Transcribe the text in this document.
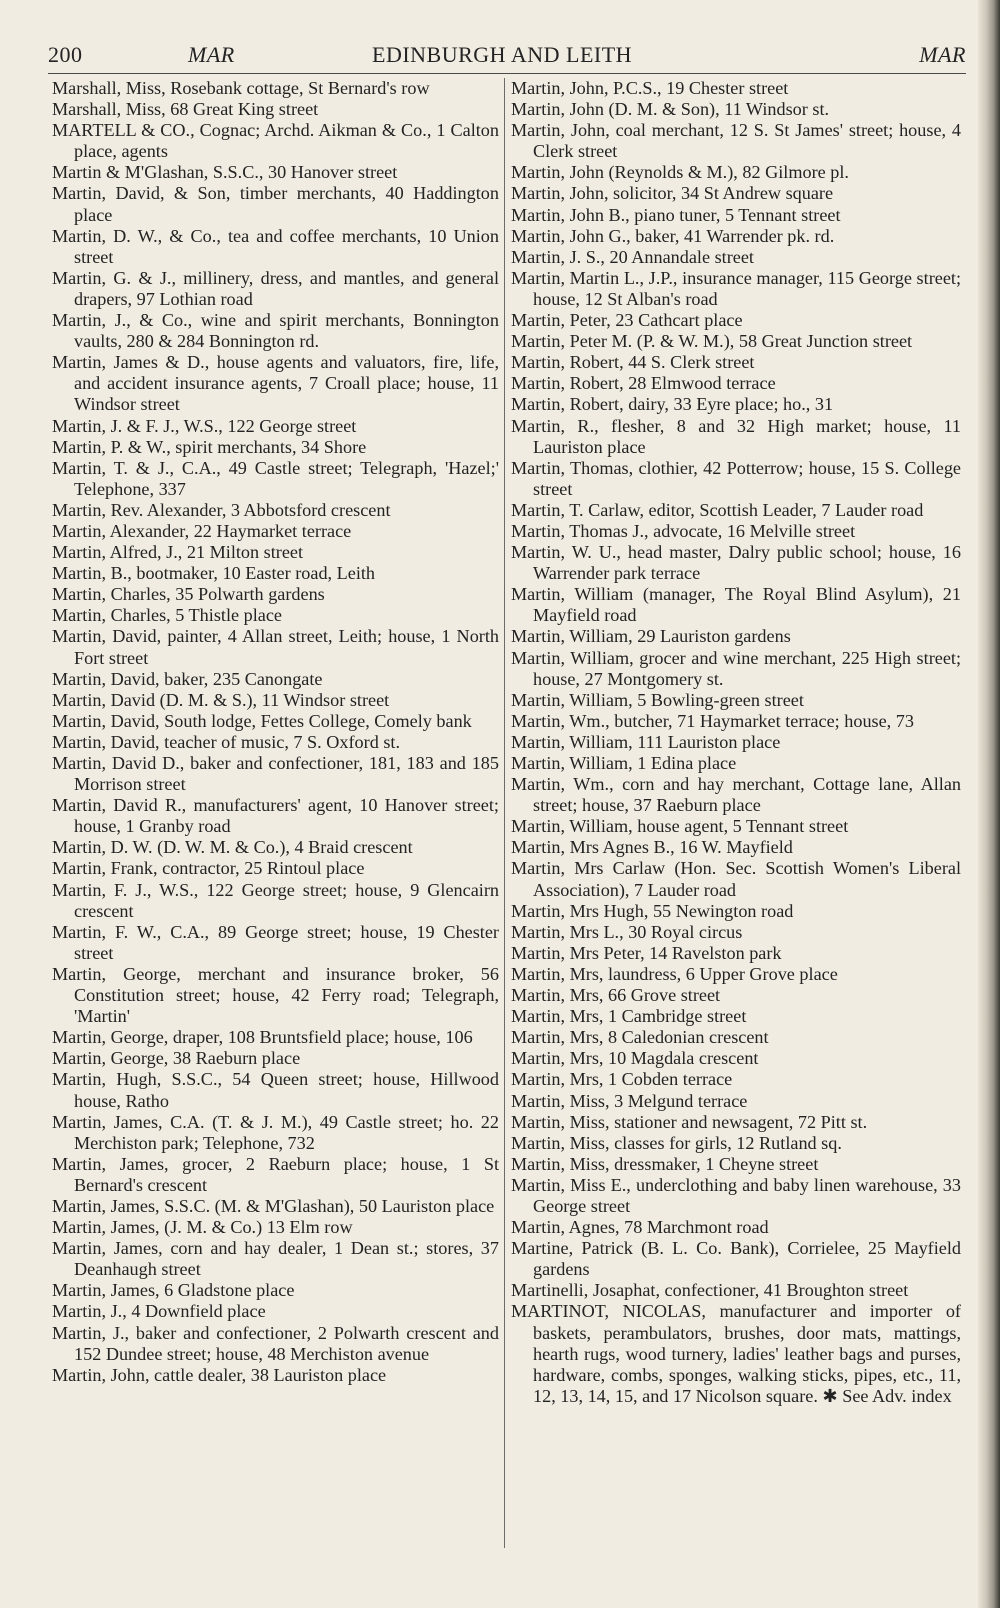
200	MAR	EDINBURGH AND LEITH	MAR

Marshall, Miss, Rosebank cottage, St Bernard's row

Marshall, Miss, 68 Great King street

MARTELL & CO., Cognac; Archd. Aikman & Co., 1 Calton place, agents

Martin & M'Glashan, S.S.C., 30 Hanover street

Martin, David, & Son, timber merchants, 40 Haddington place

Martin, D. W., & Co., tea and coffee merchants, 10 Union street

Martin, G. & J., millinery, dress, and mantles, and general drapers, 97 Lothian road

Martin, J., & Co., wine and spirit merchants, Bonnington vaults, 280 & 284 Bonnington rd.

Martin, James & D., house agents and valuators, fire, life, and accident insurance agents, 7 Croall place; house, 11 Windsor street

Martin, J. & F. J., W.S., 122 George street

Martin, P. & W., spirit merchants, 34 Shore

Martin, T. & J., C.A., 49 Castle street; Telegraph, 'Hazel;' Telephone, 337

Martin, Rev. Alexander, 3 Abbotsford crescent

Martin, Alexander, 22 Haymarket terrace

Martin, Alfred, J., 21 Milton street

Martin, B., bootmaker, 10 Easter road, Leith

Martin, Charles, 35 Polwarth gardens

Martin, Charles, 5 Thistle place

Martin, David, painter, 4 Allan street, Leith; house, 1 North Fort street

Martin, David, baker, 235 Canongate

Martin, David (D. M. & S.), 11 Windsor street

Martin, David, South lodge, Fettes College, Comely bank

Martin, David, teacher of music, 7 S. Oxford st.

Martin, David D., baker and confectioner, 181, 183 and 185 Morrison street

Martin, David R., manufacturers' agent, 10 Hanover street; house, 1 Granby road

Martin, D. W. (D. W. M. & Co.), 4 Braid crescent

Martin, Frank, contractor, 25 Rintoul place

Martin, F. J., W.S., 122 George street; house, 9 Glencairn crescent

Martin, F. W., C.A., 89 George street; house, 19 Chester street

Martin, George, merchant and insurance broker, 56 Constitution street; house, 42 Ferry road; Telegraph, 'Martin'

Martin, George, draper, 108 Bruntsfield place; house, 106

Martin, George, 38 Raeburn place

Martin, Hugh, S.S.C., 54 Queen street; house, Hillwood house, Ratho

Martin, James, C.A. (T. & J. M.), 49 Castle street; ho. 22 Merchiston park; Telephone, 732

Martin, James, grocer, 2 Raeburn place; house, 1 St Bernard's crescent

Martin, James, S.S.C. (M. & M'Glashan), 50 Lauriston place

Martin, James, (J. M. & Co.) 13 Elm row

Martin, James, corn and hay dealer, 1 Dean st.; stores, 37 Deanhaugh street

Martin, James, 6 Gladstone place

Martin, J., 4 Downfield place

Martin, J., baker and confectioner, 2 Polwarth crescent and 152 Dundee street; house, 48 Merchiston avenue

Martin, John, cattle dealer, 38 Lauriston place

Martin, John, P.C.S., 19 Chester street

Martin, John (D. M. & Son), 11 Windsor st.

Martin, John, coal merchant, 12 S. St James' street; house, 4 Clerk street

Martin, John (Reynolds & M.), 82 Gilmore pl.

Martin, John, solicitor, 34 St Andrew square

Martin, John B., piano tuner, 5 Tennant street

Martin, John G., baker, 41 Warrender pk. rd.

Martin, J. S., 20 Annandale street

Martin, Martin L., J.P., insurance manager, 115 George street; house, 12 St Alban's road

Martin, Peter, 23 Cathcart place

Martin, Peter M. (P. & W. M.), 58 Great Junction street

Martin, Robert, 44 S. Clerk street

Martin, Robert, 28 Elmwood terrace

Martin, Robert, dairy, 33 Eyre place; ho., 31

Martin, R., flesher, 8 and 32 High market; house, 11 Lauriston place

Martin, Thomas, clothier, 42 Potterrow; house, 15 S. College street

Martin, T. Carlaw, editor, Scottish Leader, 7 Lauder road

Martin, Thomas J., advocate, 16 Melville street

Martin, W. U., head master, Dalry public school; house, 16 Warrender park terrace

Martin, William (manager, The Royal Blind Asylum), 21 Mayfield road

Martin, William, 29 Lauriston gardens

Martin, William, grocer and wine merchant, 225 High street; house, 27 Montgomery st.

Martin, William, 5 Bowling-green street

Martin, Wm., butcher, 71 Haymarket terrace; house, 73

Martin, William, 111 Lauriston place

Martin, William, 1 Edina place

Martin, Wm., corn and hay merchant, Cottage lane, Allan street; house, 37 Raeburn place

Martin, William, house agent, 5 Tennant street

Martin, Mrs Agnes B., 16 W. Mayfield

Martin, Mrs Carlaw (Hon. Sec. Scottish Women's Liberal Association), 7 Lauder road

Martin, Mrs Hugh, 55 Newington road

Martin, Mrs L., 30 Royal circus

Martin, Mrs Peter, 14 Ravelston park

Martin, Mrs, laundress, 6 Upper Grove place

Martin, Mrs, 66 Grove street

Martin, Mrs, 1 Cambridge street

Martin, Mrs, 8 Caledonian crescent

Martin, Mrs, 10 Magdala crescent

Martin, Mrs, 1 Cobden terrace

Martin, Miss, 3 Melgund terrace

Martin, Miss, stationer and newsagent, 72 Pitt st.

Martin, Miss, classes for girls, 12 Rutland sq.

Martin, Miss, dressmaker, 1 Cheyne street

Martin, Miss E., underclothing and baby linen warehouse, 33 George street

Martin, Agnes, 78 Marchmont road

Martine, Patrick (B. L. Co. Bank), Corrielee, 25 Mayfield gardens

Martinelli, Josaphat, confectioner, 41 Broughton street

MARTINOT, NICOLAS, manufacturer and importer of baskets, perambulators, brushes, door mats, mattings, hearth rugs, wood turnery, ladies' leather bags and purses, hardware, combs, sponges, walking sticks, pipes, etc., 11, 12, 13, 14, 15, and 17 Nicolson square. ✱ See Adv. index
